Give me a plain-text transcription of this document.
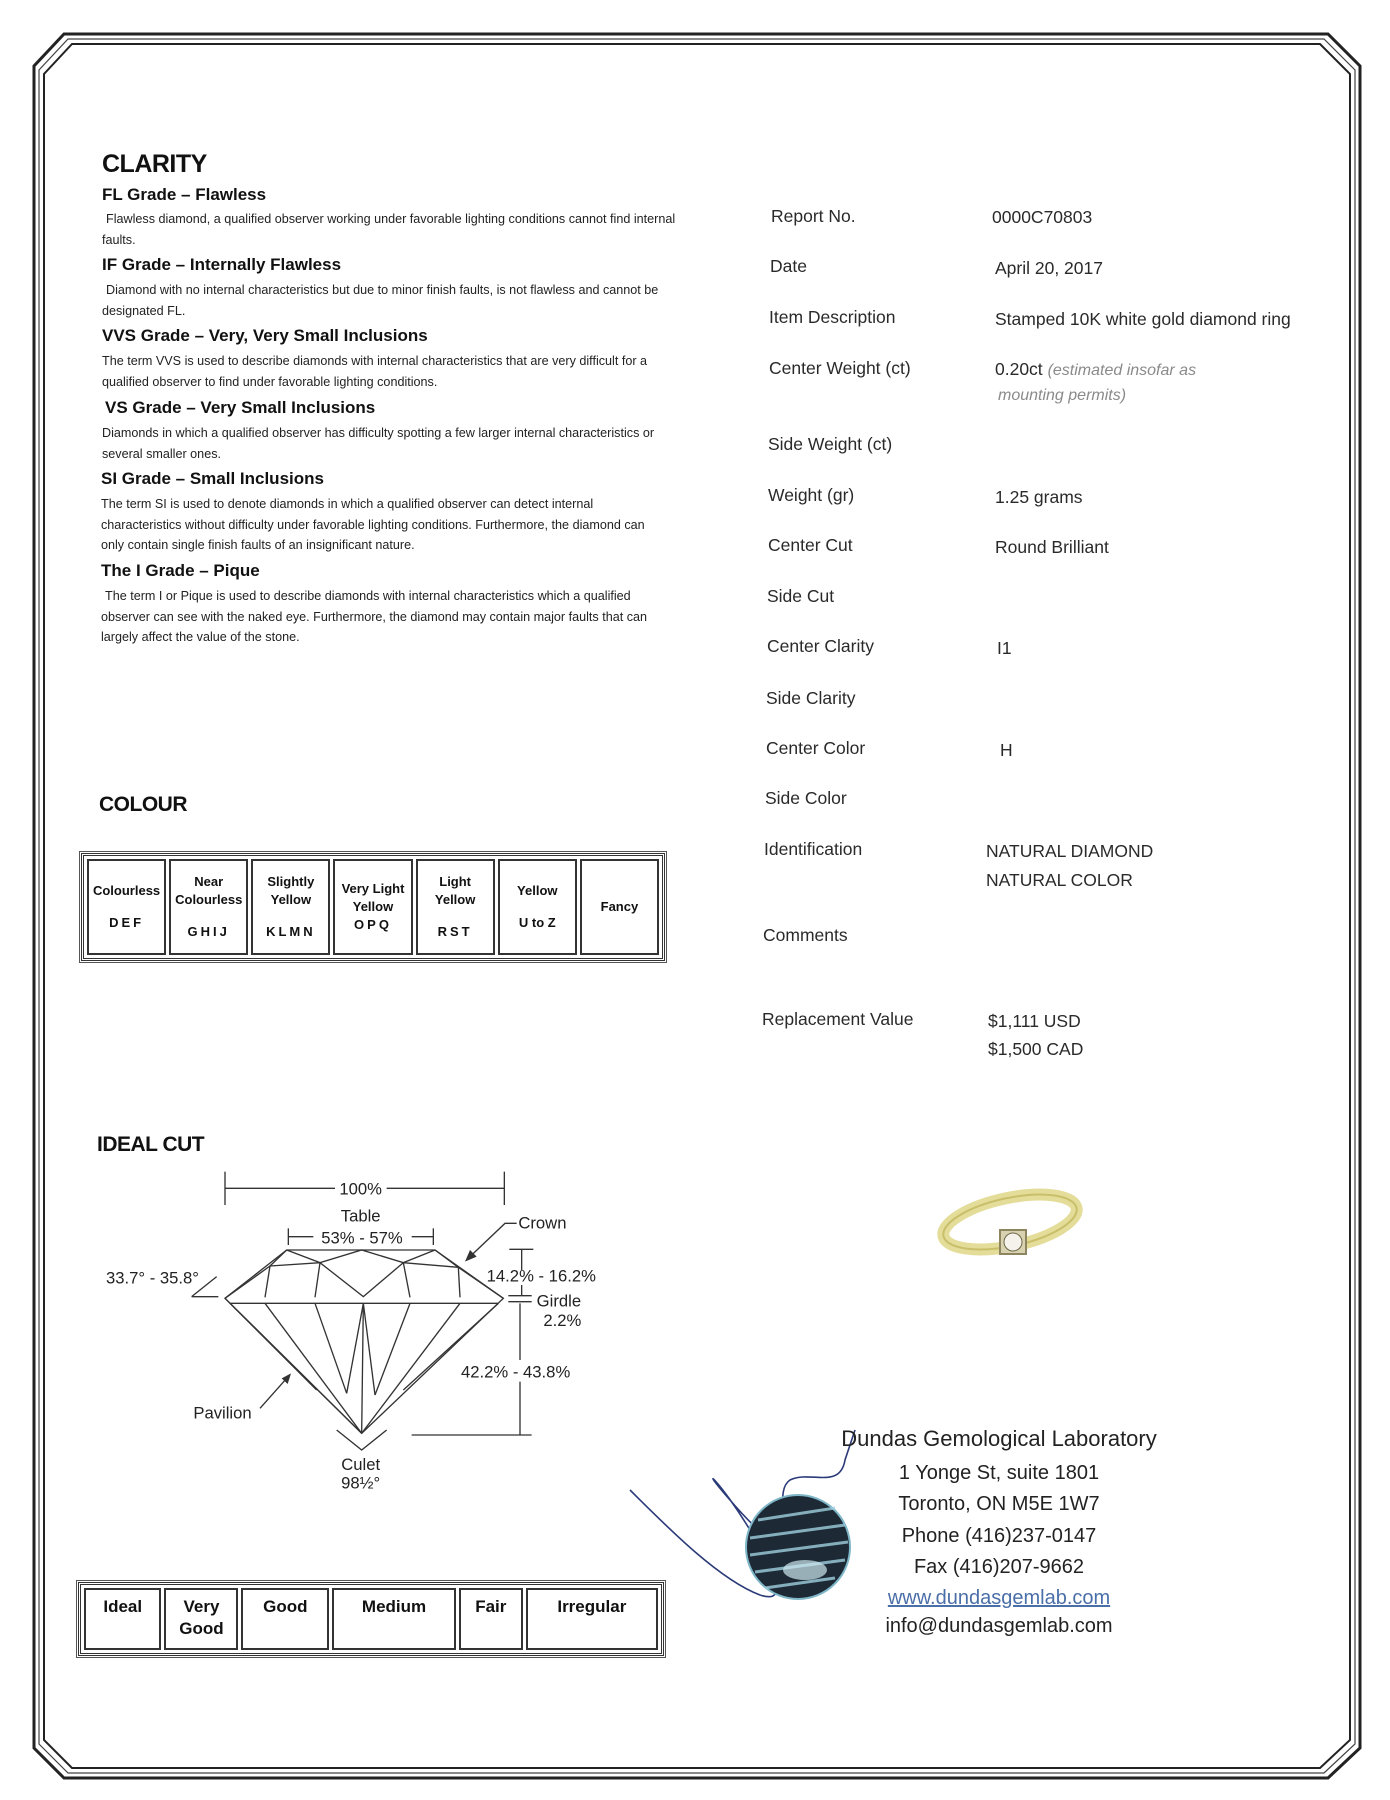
CLARITY
FL Grade – Flawless
Flawless diamond, a qualified observer working under favorable lighting conditions cannot find internal faults.
IF Grade – Internally Flawless
Diamond with no internal characteristics but due to minor finish faults, is not flawless and cannot be designated FL.
VVS Grade – Very, Very Small Inclusions
The term VVS is used to describe diamonds with internal characteristics that are very difficult for a qualified observer to find under favorable lighting conditions.
VS Grade – Very Small Inclusions
Diamonds in which a qualified observer has difficulty spotting a few larger internal characteristics or several smaller ones.
SI Grade – Small Inclusions
The term SI is used to denote diamonds in which a qualified observer can detect internal characteristics without difficulty under favorable lighting conditions. Furthermore, the diamond can only contain single finish faults of an insignificant nature.
The I Grade – Pique
The term I or Pique is used to describe diamonds with internal characteristics which a qualified observer can see with the naked eye. Furthermore, the diamond may contain major faults that can largely affect the value of the stone.
COLOUR
Colourless
DEF
	Near Colourless
GHIJ
	Slightly Yellow
KLMN
	Very Light Yellow
OPQ
	Light Yellow
RST
	Yellow
U to Z
	Fancy
IDEAL CUT
100%
Table
53% - 57%
Crown
33.7° - 35.8°	14.2% - 16.2%
Girdle
2.2%
42.2% - 43.8%
Pavilion
Culet
98½°
Ideal	Very Good	Good	Medium	Fair	Irregular
Report No.	0000C70803
Date	April 20, 2017
Item Description	Stamped 10K white gold diamond ring
Center Weight (ct)	0.20ct (estimated insofar as
mounting permits)
Side Weight (ct)
Weight (gr)	1.25 grams
Center Cut	Round Brilliant
Side Cut
Center Clarity	I1
Side Clarity
Center Color	H
Side Color
Identification	NATURAL DIAMOND
NATURAL COLOR
Comments
Replacement Value	$1,111 USD
$1,500 CAD
Dundas Gemological Laboratory
1 Yonge St, suite 1801
Toronto, ON M5E 1W7
Phone (416)237-0147
Fax (416)207-9662
www.dundasgemlab.com
info@dundasgemlab.com
